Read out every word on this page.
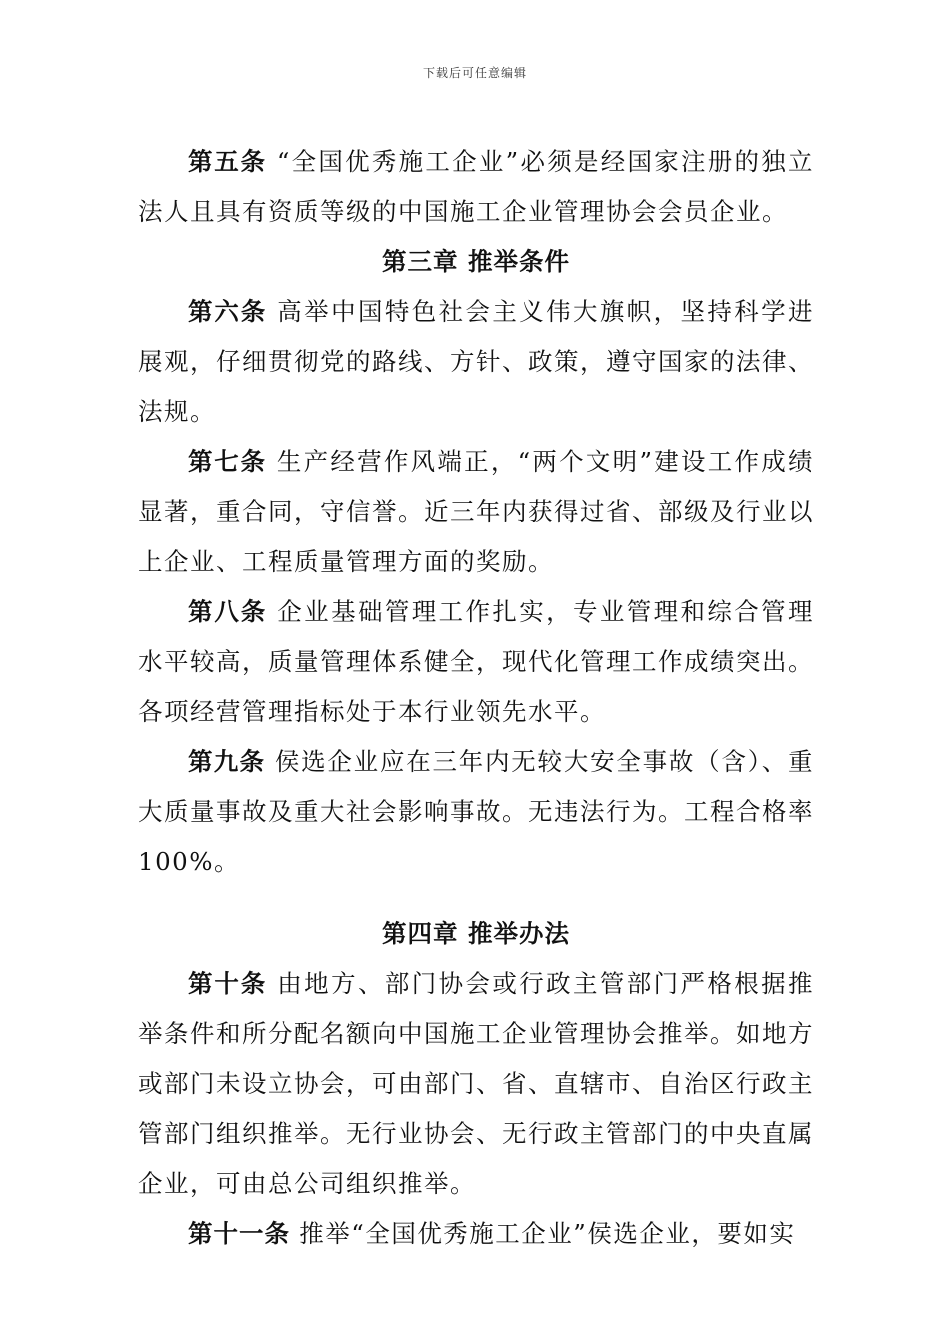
下载后可任意编辑

第五条 “全国优秀施工企业”必须是经国家注册的独立法人且具有资质等级的中国施工企业管理协会会员企业。

第三章 推举条件

第六条 高举中国特色社会主义伟大旗帜，坚持科学进展观，仔细贯彻党的路线、方针、政策，遵守国家的法律、法规。

第七条 生产经营作风端正，“两个文明”建设工作成绩显著，重合同，守信誉。近三年内获得过省、部级及行业以上企业、工程质量管理方面的奖励。

第八条 企业基础管理工作扎实，专业管理和综合管理水平较高，质量管理体系健全，现代化管理工作成绩突出。各项经营管理指标处于本行业领先水平。

第九条 侯选企业应在三年内无较大安全事故（含）、重大质量事故及重大社会影响事故。无违法行为。工程合格率100%。

第四章 推举办法

第十条 由地方、部门协会或行政主管部门严格根据推举条件和所分配名额向中国施工企业管理协会推举。如地方或部门未设立协会，可由部门、省、直辖市、自治区行政主管部门组织推举。无行业协会、无行政主管部门的中央直属企业，可由总公司组织推举。

第十一条 推举“全国优秀施工企业”侯选企业，要如实
